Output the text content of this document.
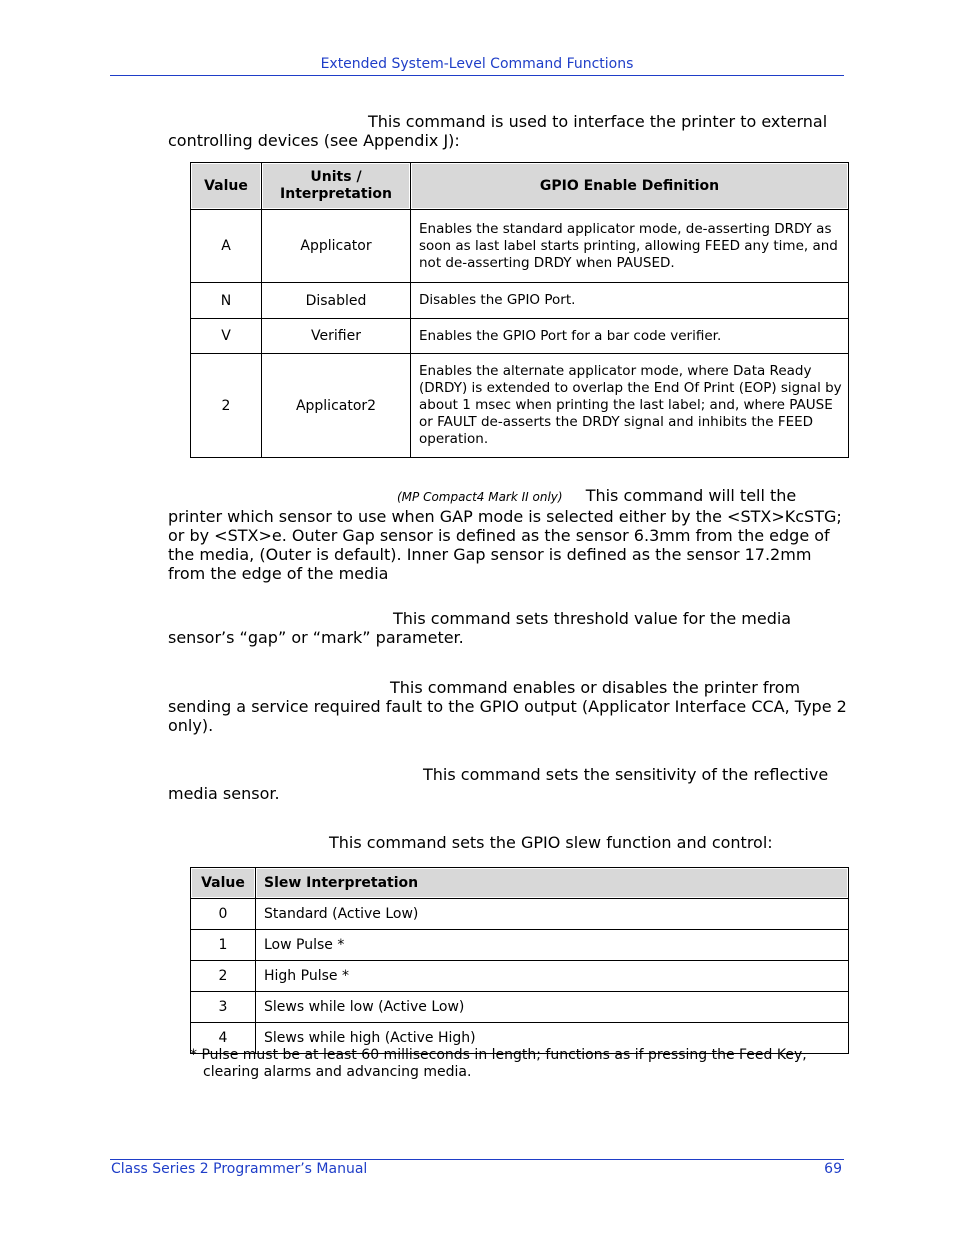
Extended System-Level Command Functions
This command is used to interface the printer to external
controlling devices (see Appendix J):
Value	Units / Interpretation	GPIO Enable Definition
A	Applicator	Enables the standard applicator mode, de-asserting DRDY as soon as last label starts printing, allowing FEED any time, and not de-asserting DRDY when PAUSED.
N	Disabled	Disables the GPIO Port.
V	Verifier	Enables the GPIO Port for a bar code verifier.
2	Applicator2	Enables the alternate applicator mode, where Data Ready (DRDY) is extended to overlap the End Of Print (EOP) signal by about 1 msec when printing the last label; and, where PAUSE or FAULT de-asserts the DRDY signal and inhibits the FEED operation.
(MP Compact4 Mark II only) This command will tell the
printer which sensor to use when GAP mode is selected either by the <STX>KcSTG; or by <STX>e. Outer Gap sensor is defined as the sensor 6.3mm from the edge of the media, (Outer is default). Inner Gap sensor is defined as the sensor 17.2mm from the edge of the media
This command sets threshold value for the media
sensor’s “gap” or “mark” parameter.
This command enables or disables the printer from
sending a service required fault to the GPIO output (Applicator Interface CCA, Type 2 only).
This command sets the sensitivity of the reflective
media sensor.
This command sets the GPIO slew function and control:
Value	Slew Interpretation
0	Standard (Active Low)
1	Low Pulse *
2	High Pulse *
3	Slews while low (Active Low)
4	Slews while high (Active High)
* Pulse must be at least 60 milliseconds in length; functions as if pressing the Feed Key,
clearing alarms and advancing media.
Class Series 2 Programmer’s Manual	69
